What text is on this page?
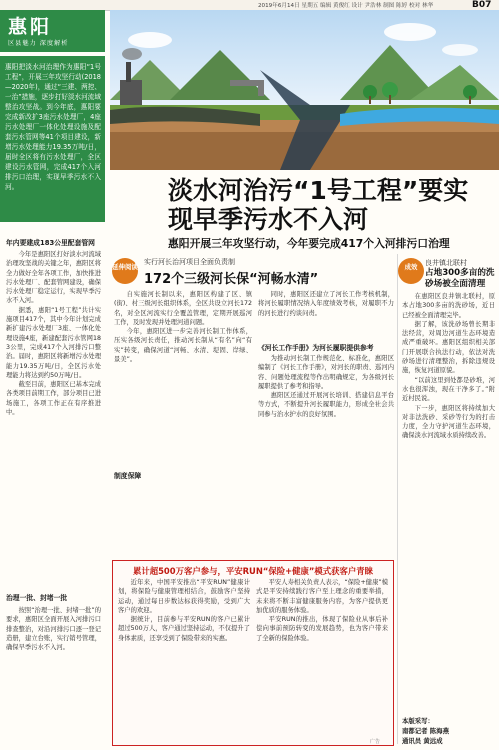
2019年6月14日 星期五 编辑 黄俊红 设计 尹浩林 制图 陈婷 校对 林华	B07
惠阳
区县魅力 深度解析
惠阳把淡水河治理作为惠阳“1号工程”，开展三年攻坚行动(2018—2020年)，通过“三建、两控、一治”措施，逐步打好淡水河流域整治攻坚战。到今年底，惠阳要完成新改扩3座污水处理厂，4座污水处理厂一体化处理设施及配套污水管网等41个项目建设，新增污水处理能力19.35万吨/日，届时全区将有污水处理厂，全区建设污水管网，完成417个入河排污口治理，实现早季污水不入河。
年内要建成183公里配套管网

今年是惠阳区打好淡水河流域治理攻坚战的关键之年，惠阳区将全力做好全年各项工作，加快推进污水处理厂、配套管网建设，确保污水处理厂稳定运行，实现早季污水不入河。

据悉，惠阳“1号工程”共计实施项目417个，其中今年计划完成新扩建污水处理厂3座、一体化处理设施4座，新建配套污水管网183公里，完成417个入河排污口整治。届时，惠阳区将新增污水处理能力19.35万吨/日，全区污水处理能力将达到约50万吨/日。

截至目前，惠阳区已基本完成各类项目前期工作，部分项目已进场施工，各项工作正在有序推进中。

治理一批、封堵一批

按照“治理一批、封堵一批”的要求，惠阳区全面开展入河排污口排查整治，对沿河排污口逐一登记造册，建立台账，实行销号管理，确保早季污水不入河。

淡水河治污“1号工程”要实现早季污水不入河
惠阳开展三年攻坚行动，今年要完成417个入河排污口治理
延伸阅读
实行河长治河项目全面负责制
172个三级河长保“河畅水清”

自实施河长制以来，惠阳区构建了区、镇(街)、村三级河长组织体系，全区共设立河长172名，对全区河流实行全覆盖管理，定期开展巡河工作，及时发现并处理河道问题。

今年，惠阳区进一步完善河长制工作体系，压实各级河长责任，推动河长制从“有名”向“有实”转变，确保河道“河畅、水清、堤固、岸绿、景美”。

制度保障

同时，惠阳区还建立了河长工作考核机制，将河长履职情况纳入年度绩效考核，对履职不力的河长进行约谈问责。

《河长工作手册》为河长履职提供参考

为推动河长制工作规范化、标准化，惠阳区编制了《河长工作手册》，对河长的职责、巡河内容、问题处理流程等作出明确规定，为各级河长履职提供了参考和指导。

惠阳区还通过开展河长培训、搭建信息平台等方式，不断提升河长履职能力，形成全社会共同参与治水护水的良好氛围。

成效	良井镇北联村
占地300多亩的洗砂场被全面清理

在惠阳区良井镇北联村，原本占地300多亩的洗砂场，近日已经被全面清理完毕。

据了解，该洗砂场曾长期非法经营，对周边河道生态环境造成严重破坏。惠阳区组织相关部门开展联合执法行动，依法对洗砂场进行清理整治，拆除违规设施，恢复河道原貌。

“以前这里到处都是砂堆，河水也很浑浊，现在干净多了。”附近村民说。

下一步，惠阳区将持续加大对非法洗砂、采砂等行为的打击力度，全力守护河道生态环境，确保淡水河流域水质持续改善。

本版采写：
南都记者 陈海燕
通讯员 黄远成
累计超500万客户参与，平安RUN“保险+健康”模式获客户青睐

近年来，中国平安推出“平安RUN”健康计划，将保险与健康管理相结合，鼓励客户坚持运动，通过每日步数达标获得奖励，受到广大客户的欢迎。

据统计，目前参与平安RUN的客户已累计超过500万人，客户通过坚持运动，不仅提升了身体素质，还享受到了保险带来的实惠。

平安人寿相关负责人表示，“保险+健康”模式是平安持续践行客户至上理念的重要举措，未来将不断丰富健康服务内容，为客户提供更加优质的服务体验。

平安RUN的推出，体现了保险业从事后补偿向事前预防转变的发展趋势，也为客户带来了全新的保险体验。

广告
